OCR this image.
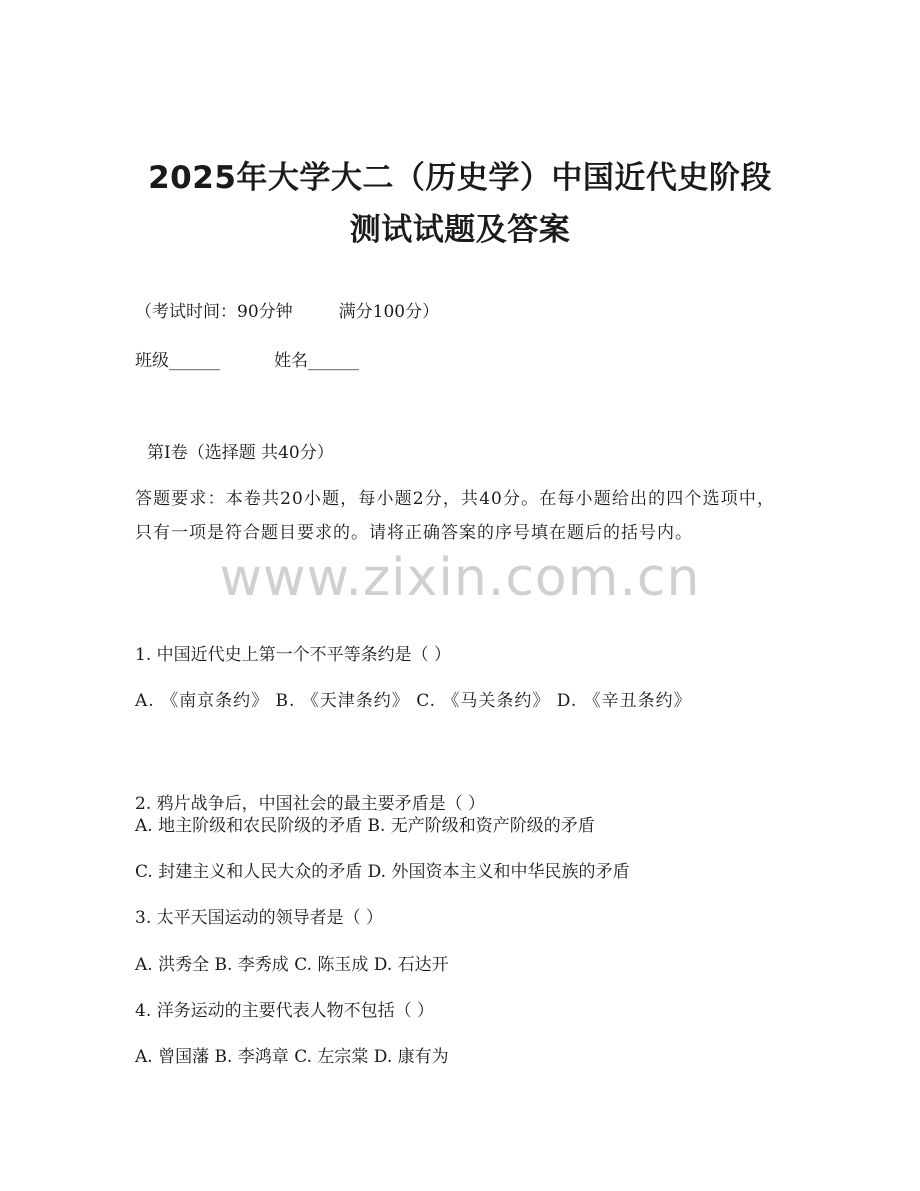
2025年大学大二（历史学）中国近代史阶段
测试试题及答案
（考试时间：90分钟	满分100分）
班级______	姓名______
第Ⅰ卷（选择题 共40分）
答题要求：本卷共20小题，每小题2分，共40分。在每小题给出的四个选项中，只有一项是符合题目要求的。请将正确答案的序号填在题后的括号内。
www.zixin.com.cn
1. 中国近代史上第一个不平等条约是（ ）
A. 《南京条约》 B. 《天津条约》 C. 《马关条约》 D. 《辛丑条约》
2. 鸦片战争后，中国社会的最主要矛盾是（ ）
A. 地主阶级和农民阶级的矛盾 B. 无产阶级和资产阶级的矛盾
C. 封建主义和人民大众的矛盾 D. 外国资本主义和中华民族的矛盾
3. 太平天国运动的领导者是（ ）
A. 洪秀全 B. 李秀成 C. 陈玉成 D. 石达开
4. 洋务运动的主要代表人物不包括（ ）
A. 曾国藩 B. 李鸿章 C. 左宗棠 D. 康有为
